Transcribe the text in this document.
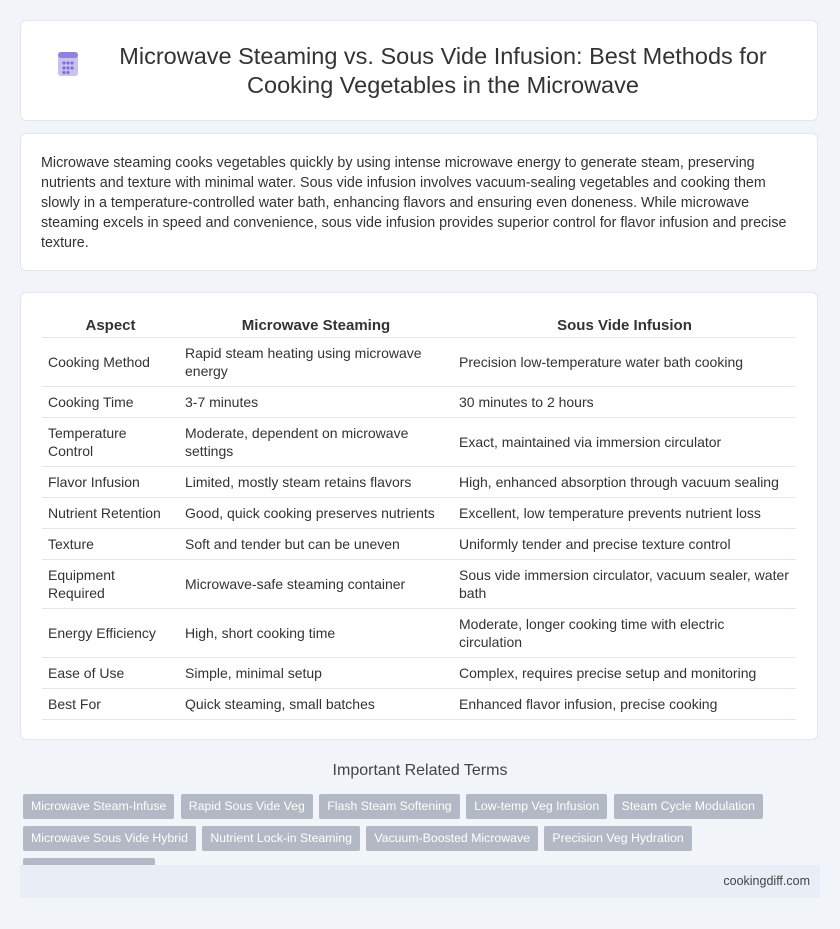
Microwave Steaming vs. Sous Vide Infusion: Best Methods for Cooking Vegetables in the Microwave

Microwave steaming cooks vegetables quickly by using intense microwave energy to generate steam, preserving nutrients and texture with minimal water. Sous vide infusion involves vacuum-sealing vegetables and cooking them slowly in a temperature-controlled water bath, enhancing flavors and ensuring even doneness. While microwave steaming excels in speed and convenience, sous vide infusion provides superior control for flavor infusion and precise texture.

Aspect	Microwave Steaming	Sous Vide Infusion
Cooking Method	Rapid steam heating using microwave energy	Precision low-temperature water bath cooking
Cooking Time	3-7 minutes	30 minutes to 2 hours
Temperature Control	Moderate, dependent on microwave settings	Exact, maintained via immersion circulator
Flavor Infusion	Limited, mostly steam retains flavors	High, enhanced absorption through vacuum sealing
Nutrient Retention	Good, quick cooking preserves nutrients	Excellent, low temperature prevents nutrient loss
Texture	Soft and tender but can be uneven	Uniformly tender and precise texture control
Equipment Required	Microwave-safe steaming container	Sous vide immersion circulator, vacuum sealer, water bath
Energy Efficiency	High, short cooking time	Moderate, longer cooking time with electric circulation
Ease of Use	Simple, minimal setup	Complex, requires precise setup and monitoring
Best For	Quick steaming, small batches	Enhanced flavor infusion, precise cooking
Important Related Terms
Microwave Steam-Infuse Rapid Sous Vide Veg Flash Steam Softening Low-temp Veg Infusion Steam Cycle Modulation Microwave Sous Vide Hybrid Nutrient Lock-in Steaming Vacuum-Boosted Microwave Precision Veg Hydration
cookingdiff.com
